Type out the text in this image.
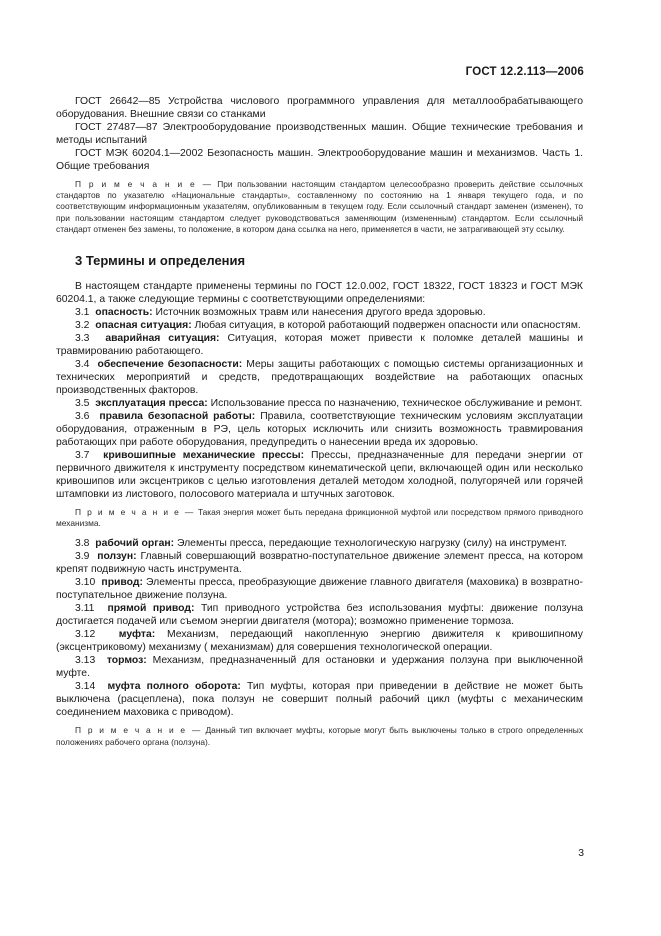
ГОСТ 12.2.113—2006

ГОСТ 26642—85 Устройства числового программного управления для металлообрабатывающего оборудования. Внешние связи со станками

ГОСТ 27487—87 Электрооборудование производственных машин. Общие технические требования и методы испытаний

ГОСТ МЭК 60204.1—2002 Безопасность машин. Электрооборудование машин и механизмов. Часть 1. Общие требования

П р и м е ч а н и е — При пользовании настоящим стандартом целесообразно проверить действие ссылочных стандартов по указателю «Национальные стандарты», составленному по состоянию на 1 января текущего года, и по соответствующим информационным указателям, опубликованным в текущем году. Если ссылочный стандарт заменен (изменен), то при пользовании настоящим стандартом следует руководствоваться заменяющим (измененным) стандартом. Если ссылочный стандарт отменен без замены, то положение, в котором дана ссылка на него, применяется в части, не затрагивающей эту ссылку.

3 Термины и определения

В настоящем стандарте применены термины по ГОСТ 12.0.002, ГОСТ 18322, ГОСТ 18323 и ГОСТ МЭК 60204.1, а также следующие термины с соответствующими определениями:

3.1 опасность: Источник возможных травм или нанесения другого вреда здоровью.

3.2 опасная ситуация: Любая ситуация, в которой работающий подвержен опасности или опасностям.

3.3 аварийная ситуация: Ситуация, которая может привести к поломке деталей машины и травмированию работающего.

3.4 обеспечение безопасности: Меры защиты работающих с помощью системы организационных и технических мероприятий и средств, предотвращающих воздействие на работающих опасных производственных факторов.

3.5 эксплуатация пресса: Использование пресса по назначению, техническое обслуживание и ремонт.

3.6 правила безопасной работы: Правила, соответствующие техническим условиям эксплуатации оборудования, отраженным в РЭ, цель которых исключить или снизить возможность травмирования работающих при работе оборудования, предупредить о нанесении вреда их здоровью.

3.7 кривошипные механические прессы: Прессы, предназначенные для передачи энергии от первичного движителя к инструменту посредством кинематической цепи, включающей один или несколько кривошипов или эксцентриков с целью изготовления деталей методом холодной, полугорячей или горячей штамповки из листового, полосового материала и штучных заготовок.

П р и м е ч а н и е — Такая энергия может быть передана фрикционной муфтой или посредством прямого приводного механизма.

3.8 рабочий орган: Элементы пресса, передающие технологическую нагрузку (силу) на инструмент.

3.9 ползун: Главный совершающий возвратно-поступательное движение элемент пресса, на котором крепят подвижную часть инструмента.

3.10 привод: Элементы пресса, преобразующие движение главного двигателя (маховика) в возвратно-поступательное движение ползуна.

3.11 прямой привод: Тип приводного устройства без использования муфты: движение ползуна достигается подачей или съемом энергии двигателя (мотора); возможно применение тормоза.

3.12 муфта: Механизм, передающий накопленную энергию движителя к кривошипному (эксцентриковому) механизму ( механизмам) для совершения технологической операции.

3.13 тормоз: Механизм, предназначенный для остановки и удержания ползуна при выключенной муфте.

3.14 муфта полного оборота: Тип муфты, которая при приведении в действие не может быть выключена (расцеплена), пока ползун не совершит полный рабочий цикл (муфты с механическим соединением маховика с приводом).

П р и м е ч а н и е — Данный тип включает муфты, которые могут быть выключены только в строго определенных положениях рабочего органа (ползуна).

3
